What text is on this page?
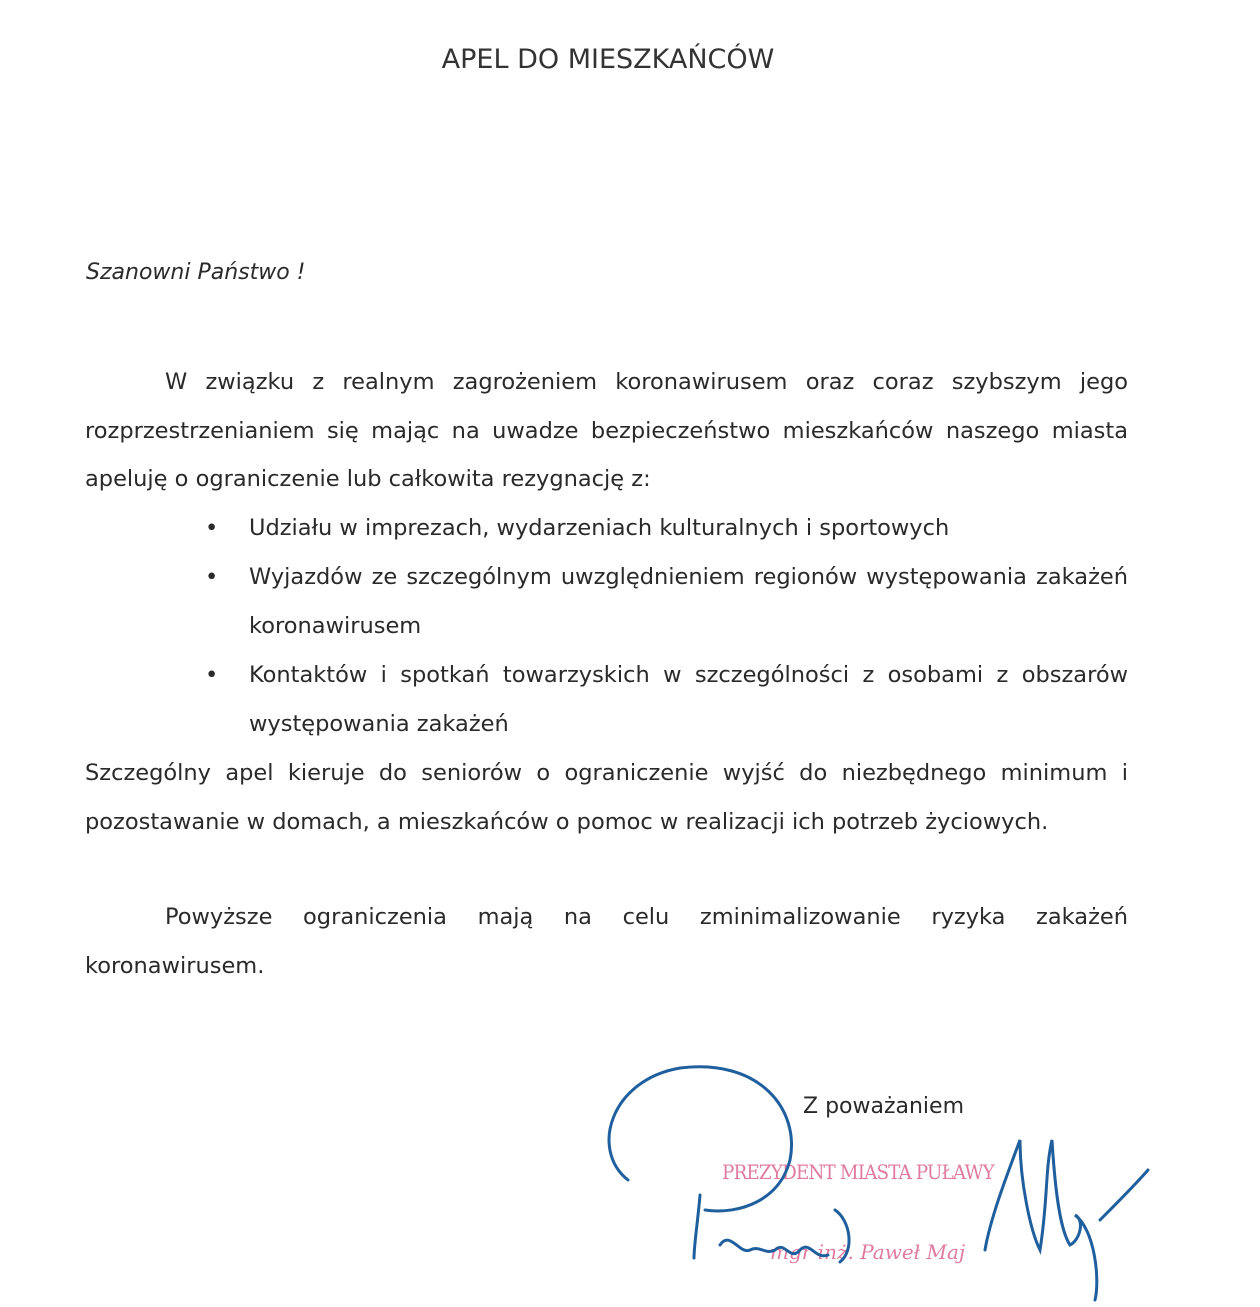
APEL DO MIESZKAŃCÓW
Szanowni Państwo !
W związku z realnym zagrożeniem koronawirusem oraz coraz szybszym jego rozprzestrzenianiem się mając na uwadze bezpieczeństwo mieszkańców naszego miasta apeluję o ograniczenie lub całkowita rezygnację z:
• Udziału w imprezach, wydarzeniach kulturalnych i sportowych
• Wyjazdów ze szczególnym uwzględnieniem regionów występowania zakażeń koronawirusem
• Kontaktów i spotkań towarzyskich w szczególności z osobami z obszarów występowania zakażeń
Szczególny apel kieruje do seniorów o ograniczenie wyjść do niezbędnego minimum i pozostawanie w domach, a mieszkańców o pomoc w realizacji ich potrzeb życiowych.
Powyższe ograniczenia mają na celu zminimalizowanie ryzyka zakażeń koronawirusem.
Z poważaniem
PREZYDENT MIASTA PUŁAWY
mgr inż. Paweł Maj
